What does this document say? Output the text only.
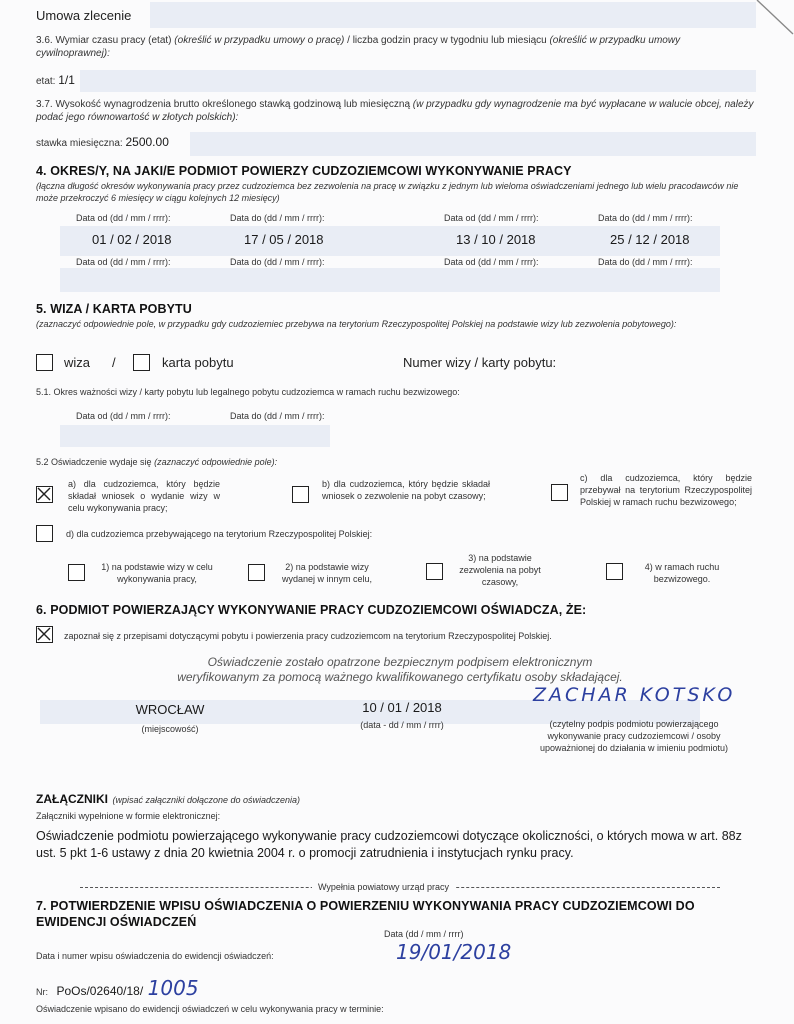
Umowa zlecenie
3.6. Wymiar czasu pracy (etat) (określić w przypadku umowy o pracę) / liczba godzin pracy w tygodniu lub miesiącu (określić w przypadku umowy cywilnoprawnej):
etat: 1/1
3.7. Wysokość wynagrodzenia brutto określonego stawką godzinową lub miesięczną (w przypadku gdy wynagrodzenie ma być wypłacane w walucie obcej, należy podać jego równowartość w złotych polskich):
stawka miesięczna: 2500.00
4. OKRES/Y, NA JAKI/E PODMIOT POWIERZY CUDZOZIEMCOWI WYKONYWANIE PRACY
(łączna długość okresów wykonywania pracy przez cudzoziemca bez zezwolenia na pracę w związku z jednym lub wieloma oświadczeniami jednego lub wielu pracodawców nie może przekroczyć 6 miesięcy w ciągu kolejnych 12 miesięcy)
Data od (dd / mm / rrrr):	Data do (dd / mm / rrrr):	Data od (dd / mm / rrrr):	Data do (dd / mm / rrrr):
01 / 02 / 2018	17 / 05 / 2018	13 / 10 / 2018	25 / 12 / 2018
Data od (dd / mm / rrrr):	Data do (dd / mm / rrrr):	Data od (dd / mm / rrrr):	Data do (dd / mm / rrrr):
5. WIZA / KARTA POBYTU
(zaznaczyć odpowiednie pole, w przypadku gdy cudzoziemiec przebywa na terytorium Rzeczypospolitej Polskiej na podstawie wizy lub zezwolenia pobytowego):
wiza /	karta pobytu	Numer wizy / karty pobytu:
5.1. Okres ważności wizy / karty pobytu lub legalnego pobytu cudzoziemca w ramach ruchu bezwizowego:
Data od (dd / mm / rrrr):	Data do (dd / mm / rrrr):
5.2 Oświadczenie wydaje się (zaznaczyć odpowiednie pole):
a) dla cudzoziemca, który będzie składał wniosek o wydanie wizy w celu wykonywania pracy;
b) dla cudzoziemca, który będzie składał wniosek o zezwolenie na pobyt czasowy;
c) dla cudzoziemca, który będzie przebywał na terytorium Rzeczypospolitej Polskiej w ramach ruchu bezwizowego;
d) dla cudzoziemca przebywającego na terytorium Rzeczypospolitej Polskiej:
1) na podstawie wizy w celu wykonywania pracy,
2) na podstawie wizy wydanej w innym celu,
3) na podstawie zezwolenia na pobyt czasowy,
4) w ramach ruchu bezwizowego.
6. PODMIOT POWIERZAJĄCY WYKONYWANIE PRACY CUDZOZIEMCOWI OŚWIADCZA, ŻE:
zapoznał się z przepisami dotyczącymi pobytu i powierzenia pracy cudzoziemcom na terytorium Rzeczypospolitej Polskiej.
Oświadczenie zostało opatrzone bezpiecznym podpisem elektronicznym
weryfikowanym za pomocą ważnego kwalifikowanego certyfikatu osoby składającej.
WROCŁAW
(miejscowość)
10 / 01 / 2018
(data - dd / mm / rrrr)
ZACHAR KOTSKO
(czytelny podpis podmiotu powierzającego wykonywanie pracy cudzoziemcowi / osoby upoważnionej do działania w imieniu podmiotu)
ZAŁĄCZNIKI (wpisać załączniki dołączone do oświadczenia)
Załączniki wypełnione w formie elektronicznej:
Oświadczenie podmiotu powierzającego wykonywanie pracy cudzoziemcowi dotyczące okoliczności, o których mowa w art. 88z ust. 5 pkt 1-6 ustawy z dnia 20 kwietnia 2004 r. o promocji zatrudnienia i instytucjach rynku pracy.
Wypełnia powiatowy urząd pracy
7. POTWIERDZENIE WPISU OŚWIADCZENIA O POWIERZENIU WYKONYWANIA PRACY CUDZOZIEMCOWI DO EWIDENCJI OŚWIADCZEŃ
Data (dd / mm / rrrr)
Data i numer wpisu oświadczenia do ewidencji oświadczeń:	19/01/2018
Nr: PoOs/02640/18/ 1005
Oświadczenie wpisano do ewidencji oświadczeń w celu wykonywania pracy w terminie:
